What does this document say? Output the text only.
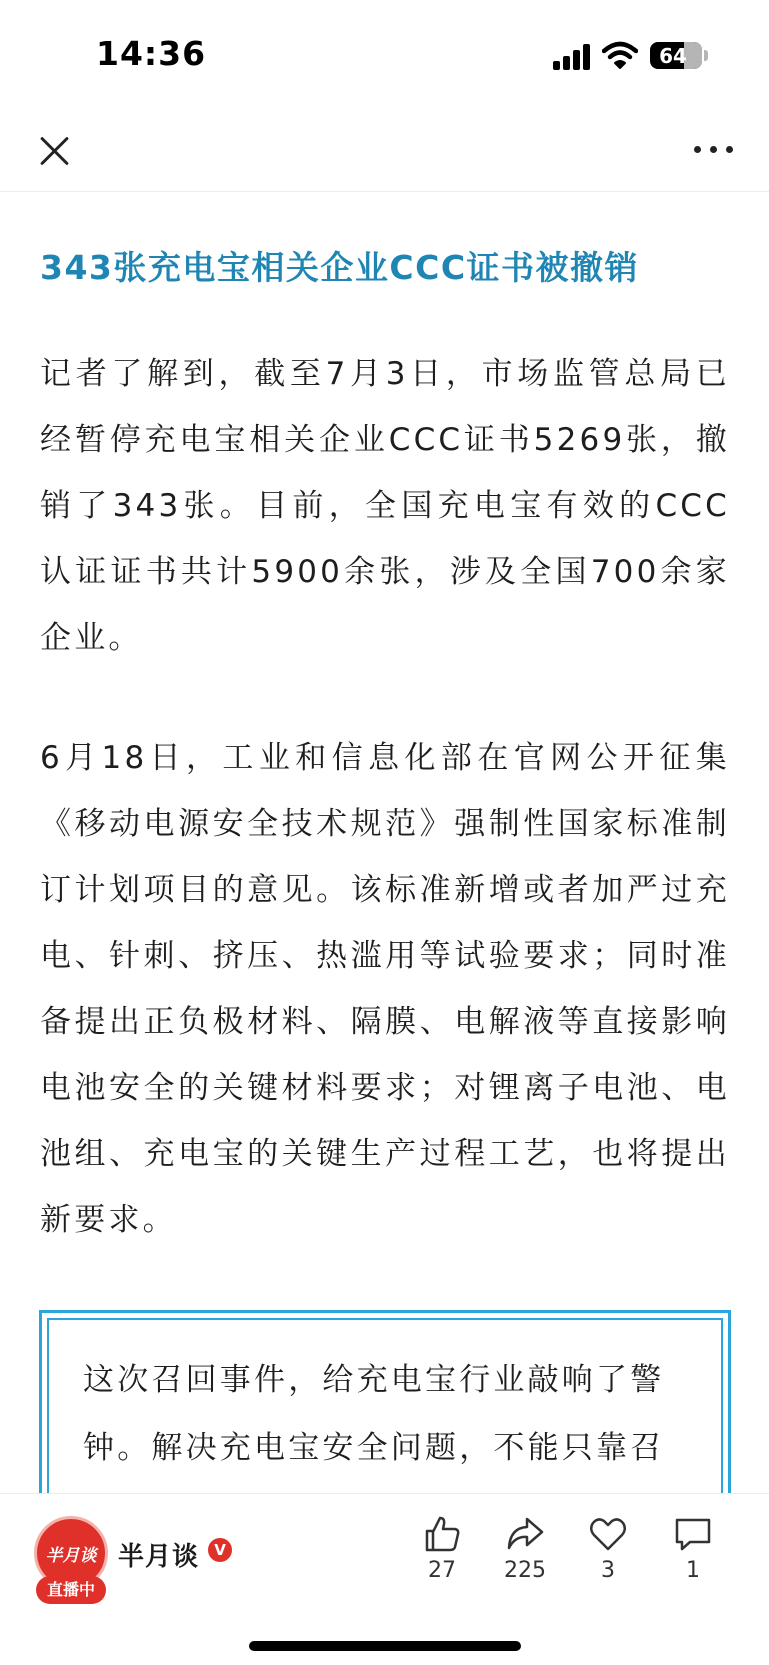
14:36	64
343张充电宝相关企业CCC证书被撤销

记者了解到，截至7月3日，市场监管总局已经暂停充电宝相关企业CCC证书5269张，撤销了343张。目前，全国充电宝有效的CCC认证证书共计5900余张，涉及全国700余家企业。

6月18日，工业和信息化部在官网公开征集《移动电源安全技术规范》强制性国家标准制订计划项目的意见。该标准新增或者加严过充电、针刺、挤压、热滥用等试验要求；同时准备提出正负极材料、隔膜、电解液等直接影响电池安全的关键材料要求；对锂离子电池、电池组、充电宝的关键生产过程工艺，也将提出新要求。

这次召回事件，给充电宝行业敲响了警钟。解决充电宝安全问题，不能只靠召

半月谈
直播中
半月谈	V
27	225	3	1
